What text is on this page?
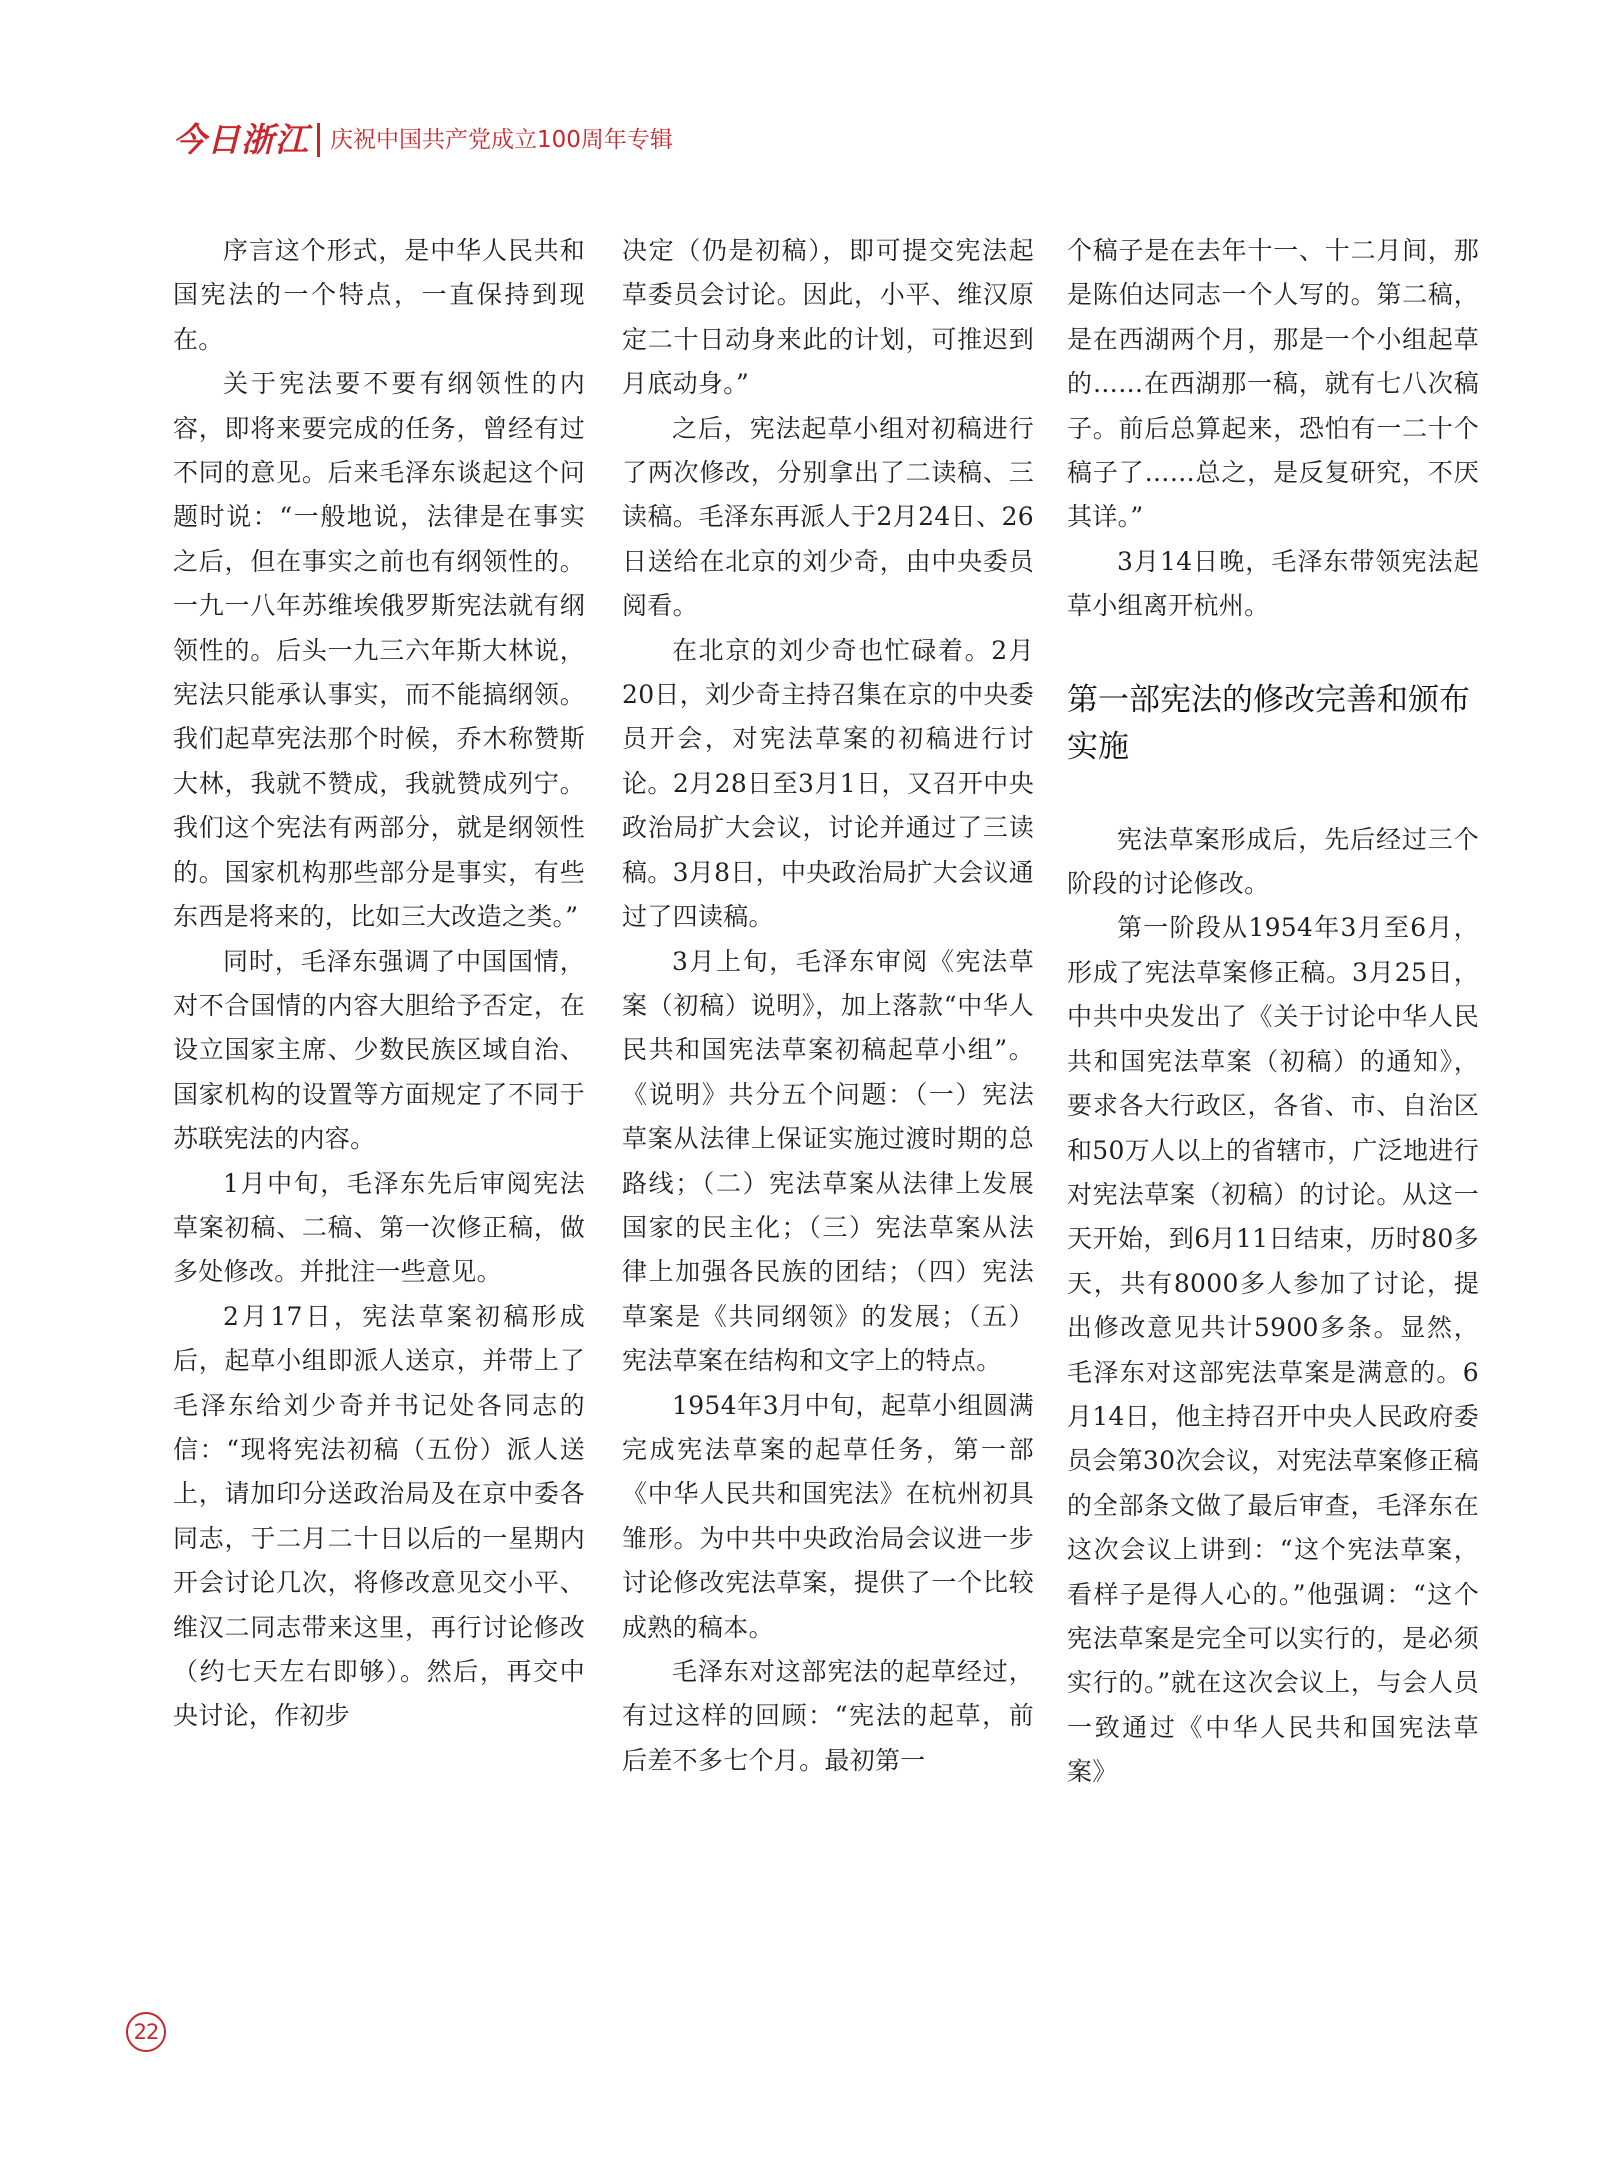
今日浙江 庆祝中国共产党成立100周年专辑

序言这个形式，是中华人民共和国宪法的一个特点，一直保持到现在。

关于宪法要不要有纲领性的内容，即将来要完成的任务，曾经有过不同的意见。后来毛泽东谈起这个问题时说：“一般地说，法律是在事实之后，但在事实之前也有纲领性的。一九一八年苏维埃俄罗斯宪法就有纲领性的。后头一九三六年斯大林说，宪法只能承认事实，而不能搞纲领。我们起草宪法那个时候，乔木称赞斯大林，我就不赞成，我就赞成列宁。我们这个宪法有两部分，就是纲领性的。国家机构那些部分是事实，有些东西是将来的，比如三大改造之类。”

同时，毛泽东强调了中国国情，对不合国情的内容大胆给予否定，在设立国家主席、少数民族区域自治、国家机构的设置等方面规定了不同于苏联宪法的内容。

1月中旬，毛泽东先后审阅宪法草案初稿、二稿、第一次修正稿，做多处修改。并批注一些意见。

2月17日，宪法草案初稿形成后，起草小组即派人送京，并带上了毛泽东给刘少奇并书记处各同志的信：“现将宪法初稿（五份）派人送上，请加印分送政治局及在京中委各同志，于二月二十日以后的一星期内开会讨论几次，将修改意见交小平、维汉二同志带来这里，再行讨论修改（约七天左右即够）。然后，再交中央讨论，作初步

决定（仍是初稿），即可提交宪法起草委员会讨论。因此，小平、维汉原定二十日动身来此的计划，可推迟到月底动身。”

之后，宪法起草小组对初稿进行了两次修改，分别拿出了二读稿、三读稿。毛泽东再派人于2月24日、26日送给在北京的刘少奇，由中央委员阅看。

在北京的刘少奇也忙碌着。2月20日，刘少奇主持召集在京的中央委员开会，对宪法草案的初稿进行讨论。2月28日至3月1日，又召开中央政治局扩大会议，讨论并通过了三读稿。3月8日，中央政治局扩大会议通过了四读稿。

3月上旬，毛泽东审阅《宪法草案（初稿）说明》，加上落款“中华人民共和国宪法草案初稿起草小组”。《说明》共分五个问题：（一）宪法草案从法律上保证实施过渡时期的总路线；（二）宪法草案从法律上发展国家的民主化；（三）宪法草案从法律上加强各民族的团结；（四）宪法草案是《共同纲领》的发展；（五）宪法草案在结构和文字上的特点。

1954年3月中旬，起草小组圆满完成宪法草案的起草任务，第一部《中华人民共和国宪法》在杭州初具雏形。为中共中央政治局会议进一步讨论修改宪法草案，提供了一个比较成熟的稿本。

毛泽东对这部宪法的起草经过，有过这样的回顾：“宪法的起草，前后差不多七个月。最初第一

个稿子是在去年十一、十二月间，那是陈伯达同志一个人写的。第二稿，是在西湖两个月，那是一个小组起草的……在西湖那一稿，就有七八次稿子。前后总算起来，恐怕有一二十个稿子了……总之，是反复研究，不厌其详。”

3月14日晚，毛泽东带领宪法起草小组离开杭州。

第一部宪法的修改完善和颁布实施

宪法草案形成后，先后经过三个阶段的讨论修改。

第一阶段从1954年3月至6月，形成了宪法草案修正稿。3月25日，中共中央发出了《关于讨论中华人民共和国宪法草案（初稿）的通知》，要求各大行政区，各省、市、自治区和50万人以上的省辖市，广泛地进行对宪法草案（初稿）的讨论。从这一天开始，到6月11日结束，历时80多天，共有8000多人参加了讨论，提出修改意见共计5900多条。显然，毛泽东对这部宪法草案是满意的。6月14日，他主持召开中央人民政府委员会第30次会议，对宪法草案修正稿的全部条文做了最后审查，毛泽东在这次会议上讲到：“这个宪法草案，看样子是得人心的。”他强调：“这个宪法草案是完全可以实行的，是必须实行的。”就在这次会议上，与会人员一致通过《中华人民共和国宪法草案》

22
